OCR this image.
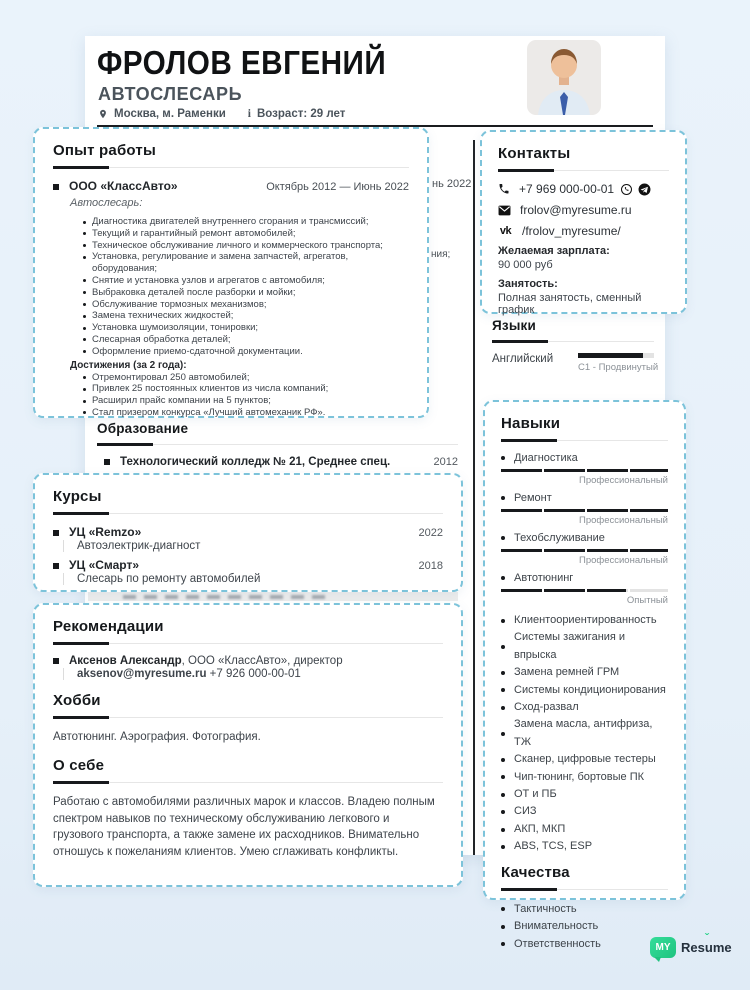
ФРОЛОВ ЕВГЕНИЙ
АВТОСЛЕСАРЬ
Москва, м. Раменки i Возраст: 29 лет
нь 2022
ния;
Образование
Технологический колледж № 21, Среднее спец.	2012
Языки
Английский
C1 - Продвинутый
Опыт работы
ООО «КлассАвто»	Октябрь 2012 — Июнь 2022
Автослесарь:
Диагностика двигателей внутреннего сгорания и трансмиссий;
Текущий и гарантийный ремонт автомобилей;
Техническое обслуживание личного и коммерческого транспорта;
Установка, регулирование и замена запчастей, агрегатов, оборудования;
Снятие и установка узлов и агрегатов с автомобиля;
Выбраковка деталей после разборки и мойки;
Обслуживание тормозных механизмов;
Замена технических жидкостей;
Установка шумоизоляции, тонировки;
Слесарная обработка деталей;
Оформление приемо-сдаточной документации.
Достижения (за 2 года):
Отремонтировал 250 автомобилей;
Привлек 25 постоянных клиентов из числа компаний;
Расширил прайс компании на 5 пунктов;
Стал призером конкурса «Лучший автомеханик РФ».
Курсы
УЦ «Remzo»	2022
Автоэлектрик-диагност
УЦ «Смарт»	2018
Слесарь по ремонту автомобилей
Рекомендации
Аксенов Александр, ООО «КлассАвто», директор
aksenov@myresume.ru +7 926 000-00-01
Хобби
Автотюнинг. Аэрография. Фотография.
О себе
Работаю с автомобилями различных марок и классов. Владею полным спектром навыков по техническому обслуживанию легкового и грузового транспорта, а также замене их расходников. Внимательно отношусь к пожеланиям клиентов. Умею сглаживать конфликты.
Контакты
+7 969 000-00-01
frolov@myresume.ru
vk /frolov_myresume/
Желаемая зарплата:
90 000 руб
Занятость:
Полная занятость, сменный график
Навыки
Диагностика
Профессиональный
Ремонт
Профессиональный
Техобслуживание
Профессиональный
Автотюнинг
Опытный
Клиентоориентированность
Системы зажигания и впрыска
Замена ремней ГРМ
Системы кондиционирования
Сход-развал
Замена масла, антифриза, ТЖ
Сканер, цифровые тестеры
Чип-тюнинг, бортовые ПК
ОТ и ПБ
СИЗ
АКП, МКП
ABS, TCS, ESP
Качества
Тактичность
Внимательность
Ответственность	MY Resˇ ume
